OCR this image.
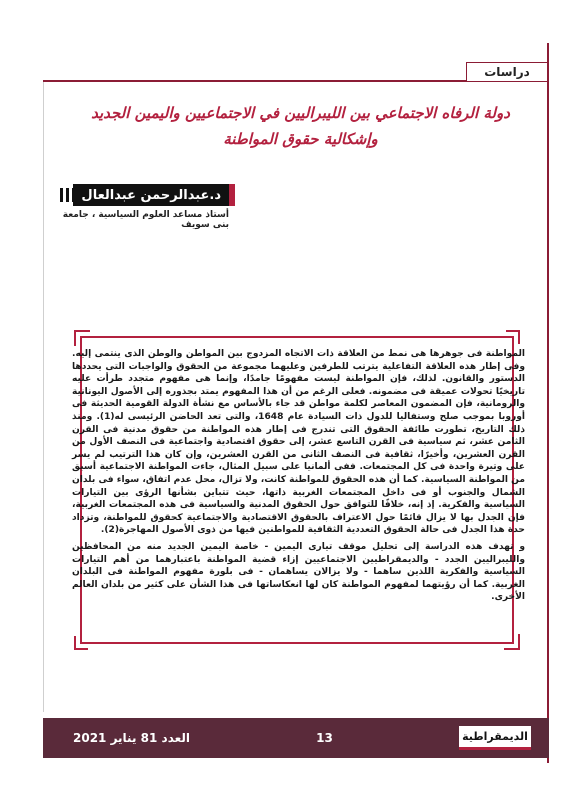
دراسات
دولة الرفاه الاجتماعي بين الليبراليين في الاجتماعيين واليمين الجديد
وإشكالية حقوق المواطنة
د.عبدالرحمن عبدالعال
أستاذ مساعد العلوم السياسية ، جامعة بنى سويف

المواطنة فى جوهرها هى نمط من العلاقة ذات الاتجاه المزدوج بين المواطن والوطن الذى ينتمى إليه. وفى إطار هذه العلاقة التفاعلية يترتب للطرفين وعليهما مجموعة من الحقوق والواجبات التى يحددها الدستور والقانون. لذلك، فإن المواطنة ليست مفهومًا جامدًا، وإنما هى مفهوم متجدد طرأت عليه تاريخيًا تحولات عميقة فى مضمونه. فعلى الرغم من أن هذا المفهوم يمتد بجذوره إلى الأصول اليونانية والرومانية، فإن المضمون المعاصر لكلمة مواطن قد جاء بالأساس مع نشأة الدولة القومية الحديثة فى أوروبا بموجب صلح وستفاليا للدول ذات السيادة عام 1648، والتى تعد الحاضن الرئيسى له(1). ومنذ ذلك التاريخ، تطورت طائفة الحقوق التى تندرج فى إطار هذه المواطنة من حقوق مدنية فى القرن الثامن عشر، ثم سياسية فى القرن التاسع عشر، إلى حقوق اقتصادية واجتماعية فى النصف الأول من القرن العشرين، وأخيرًا، ثقافية فى النصف الثانى من القرن العشرين، وإن كان هذا الترتيب لم يسر على وتيرة واحدة فى كل المجتمعات. ففى ألمانيا على سبيل المثال، جاءت المواطنة الاجتماعية أسبق من المواطنة السياسية. كما أن هذه الحقوق للمواطنة كانت، ولا تزال، محل عدم اتفاق، سواء فى بلدان الشمال والجنوب أو فى داخل المجتمعات الغربية ذاتها، حيث تتباين بشأنها الرؤى بين التيارات السياسية والفكرية. إذ إنه، خلافًا للتوافق حول الحقوق المدنية والسياسية فى هذه المجتمعات الغربية، فإن الجدل بها لا يزال قائمًا حول الاعتراف بالحقوق الاقتصادية والاجتماعية كحقوق للمواطنة، وتزداد حدة هذا الجدل فى حالة الحقوق التعددية الثقافية للمواطنين فيها من ذوى الأصول المهاجرة(2).

و تهدف هذه الدراسة إلى تحليل موقف تيارى اليمين - خاصة اليمين الجديد منه من المحافظين والليبراليين الجدد - والديمقراطيين الاجتماعيين إزاء قضية المواطنة باعتبارهما من أهم التيارات السياسية والفكرية اللذين ساهما - ولا يزالان يساهمان - فى بلورة مفهوم المواطنة فى البلدان الغربية. كما أن رؤيتهما لمفهوم المواطنة كان لها انعكاساتها فى هذا الشأن على كثير من بلدان العالم الأخرى.

العدد 81 يناير 2021	13	الديمقراطية
